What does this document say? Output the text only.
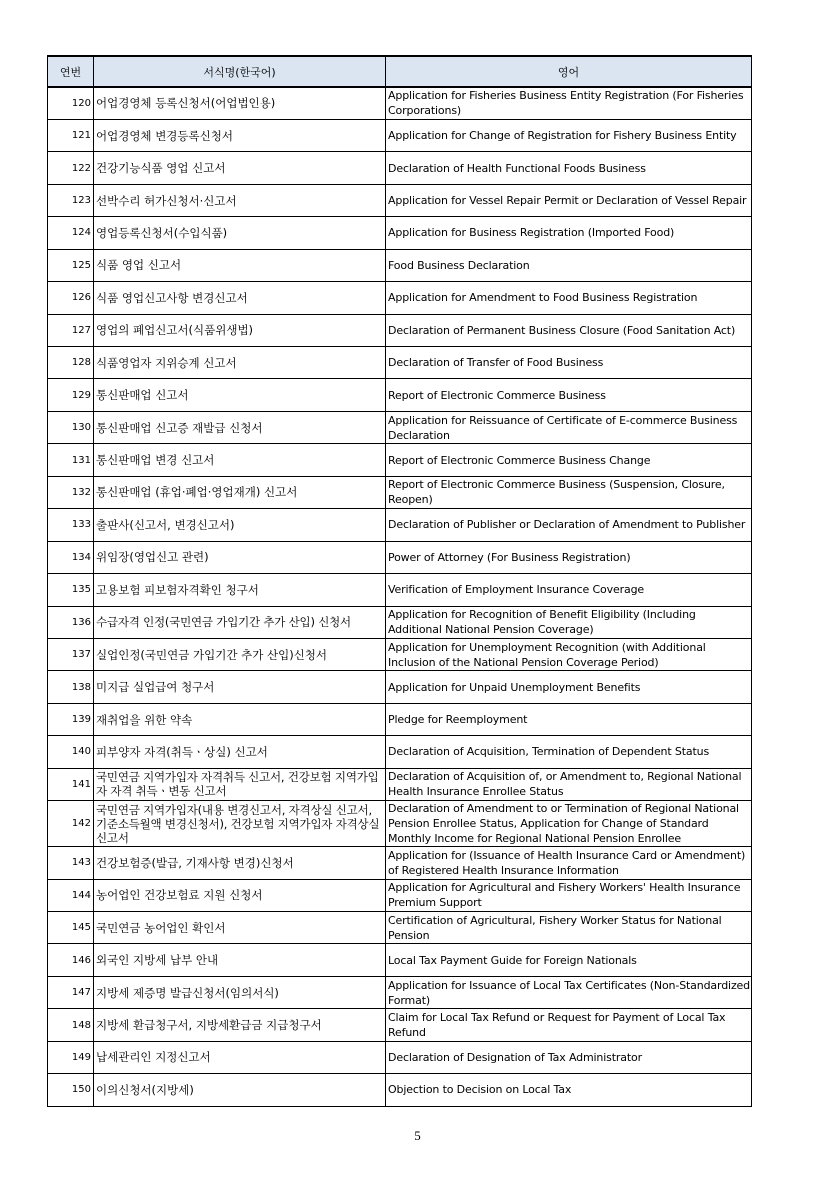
연번	서식명(한국어)	영어
120	어업경영체 등록신청서(어업법인용)	Application for Fisheries Business Entity Registration (For Fisheries Corporations)
121	어업경영체 변경등록신청서	Application for Change of Registration for Fishery Business Entity
122	건강기능식품 영업 신고서	Declaration of Health Functional Foods Business
123	선박수리 허가신청서·신고서	Application for Vessel Repair Permit or Declaration of Vessel Repair
124	영업등록신청서(수입식품)	Application for Business Registration (Imported Food)
125	식품 영업 신고서	Food Business Declaration
126	식품 영업신고사항 변경신고서	Application for Amendment to Food Business Registration
127	영업의 폐업신고서(식품위생법)	Declaration of Permanent Business Closure (Food Sanitation Act)
128	식품영업자 지위승계 신고서	Declaration of Transfer of Food Business
129	통신판매업 신고서	Report of Electronic Commerce Business
130	통신판매업 신고증 재발급 신청서	Application for Reissuance of Certificate of E-commerce Business Declaration
131	통신판매업 변경 신고서	Report of Electronic Commerce Business Change
132	통신판매업 (휴업·폐업·영업재개) 신고서	Report of Electronic Commerce Business (Suspension, Closure, Reopen)
133	출판사(신고서, 변경신고서)	Declaration of Publisher or Declaration of Amendment to Publisher
134	위임장(영업신고 관련)	Power of Attorney (For Business Registration)
135	고용보험 피보험자격확인 청구서	Verification of Employment Insurance Coverage
136	수급자격 인정(국민연금 가입기간 추가 산입) 신청서	Application for Recognition of Benefit Eligibility (Including Additional National Pension Coverage)
137	실업인정(국민연금 가입기간 추가 산입)신청서	Application for Unemployment Recognition (with Additional Inclusion of the National Pension Coverage Period)
138	미지급 실업급여 청구서	Application for Unpaid Unemployment Benefits
139	재취업을 위한 약속	Pledge for Reemployment
140	피부양자 자격(취득ㆍ상실) 신고서	Declaration of Acquisition, Termination of Dependent Status
141	국민연금 지역가입자 자격취득 신고서, 건강보험 지역가입자 자격 취득ㆍ변동 신고서	Declaration of Acquisition of, or Amendment to, Regional National Health Insurance Enrollee Status
142	국민연금 지역가입자(내용 변경신고서, 자격상실 신고서, 기준소득월액 변경신청서), 건강보험 지역가입자 자격상실 신고서	Declaration of Amendment to or Termination of Regional National Pension Enrollee Status, Application for Change of Standard Monthly Income for Regional National Pension Enrollee
143	건강보험증(발급, 기재사항 변경)신청서	Application for (Issuance of Health Insurance Card or Amendment) of Registered Health Insurance Information
144	농어업인 건강보험료 지원 신청서	Application for Agricultural and Fishery Workers' Health Insurance Premium Support
145	국민연금 농어업인 확인서	Certification of Agricultural, Fishery Worker Status for National Pension
146	외국인 지방세 납부 안내	Local Tax Payment Guide for Foreign Nationals
147	지방세 제증명 발급신청서(임의서식)	Application for Issuance of Local Tax Certificates (Non-Standardized Format)
148	지방세 환급청구서, 지방세환급금 지급청구서	Claim for Local Tax Refund or Request for Payment of Local Tax Refund
149	납세관리인 지정신고서	Declaration of Designation of Tax Administrator
150	이의신청서(지방세)	Objection to Decision on Local Tax
5
